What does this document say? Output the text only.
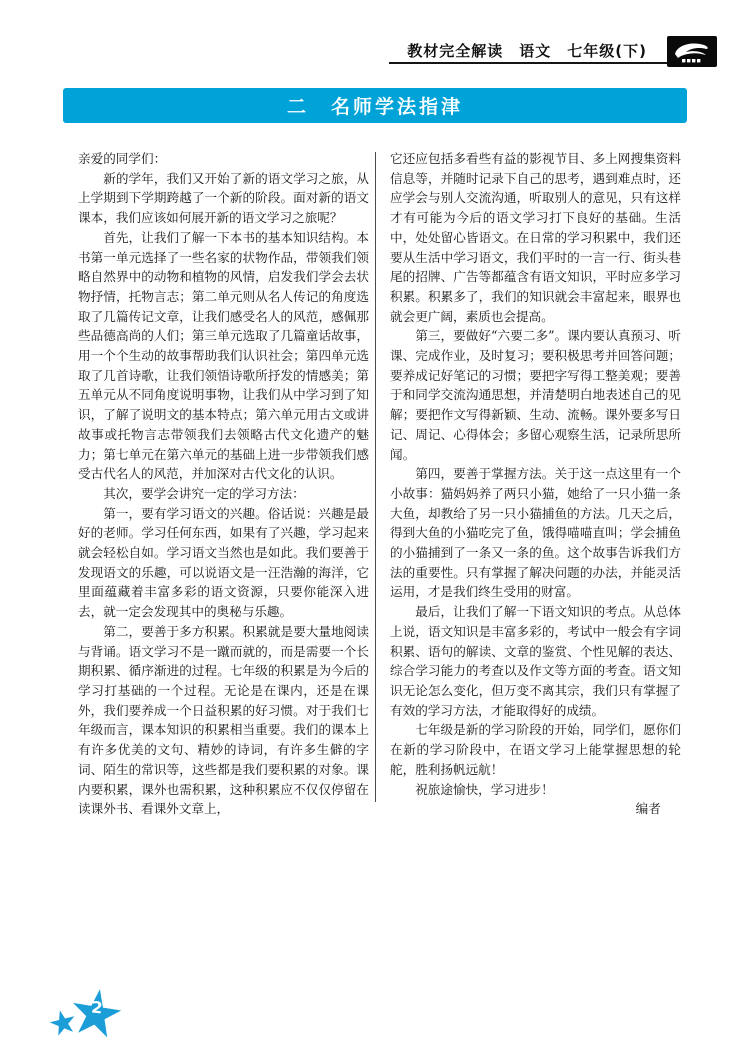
教材完全解读　语文　七年级(下)
二　名师学法指津

亲爱的同学们：

新的学年，我们又开始了新的语文学习之旅，从上学期到下学期跨越了一个新的阶段。面对新的语文课本，我们应该如何展开新的语文学习之旅呢？

首先，让我们了解一下本书的基本知识结构。本书第一单元选择了一些名家的状物作品，带领我们领略自然界中的动物和植物的风情，启发我们学会去状物抒情，托物言志；第二单元则从名人传记的角度选取了几篇传记文章，让我们感受名人的风范，感佩那些品德高尚的人们；第三单元选取了几篇童话故事，用一个个生动的故事帮助我们认识社会；第四单元选取了几首诗歌，让我们领悟诗歌所抒发的情感美；第五单元从不同角度说明事物，让我们从中学习到了知识，了解了说明文的基本特点；第六单元用古文或讲故事或托物言志带领我们去领略古代文化遗产的魅力；第七单元在第六单元的基础上进一步带领我们感受古代名人的风范，并加深对古代文化的认识。

其次，要学会讲究一定的学习方法：

第一，要有学习语文的兴趣。俗话说：兴趣是最好的老师。学习任何东西，如果有了兴趣，学习起来就会轻松自如。学习语文当然也是如此。我们要善于发现语文的乐趣，可以说语文是一汪浩瀚的海洋，它里面蕴藏着丰富多彩的语文资源，只要你能深入进去，就一定会发现其中的奥秘与乐趣。

第二，要善于多方积累。积累就是要大量地阅读与背诵。语文学习不是一蹴而就的，而是需要一个长期积累、循序渐进的过程。七年级的积累是为今后的学习打基础的一个过程。无论是在课内，还是在课外，我们要养成一个日益积累的好习惯。对于我们七年级而言，课本知识的积累相当重要。我们的课本上有许多优美的文句、精妙的诗词，有许多生僻的字词、陌生的常识等，这些都是我们要积累的对象。课内要积累，课外也需积累，这种积累应不仅仅停留在读课外书、看课外文章上，

它还应包括多看些有益的影视节目、多上网搜集资料信息等，并随时记录下自己的思考，遇到难点时，还应学会与别人交流沟通，听取别人的意见，只有这样才有可能为今后的语文学习打下良好的基础。生活中，处处留心皆语文。在日常的学习积累中，我们还要从生活中学习语文，我们平时的一言一行、街头巷尾的招牌、广告等都蕴含有语文知识，平时应多学习积累。积累多了，我们的知识就会丰富起来，眼界也就会更广阔，素质也会提高。

第三，要做好“六要二多”。课内要认真预习、听课、完成作业，及时复习；要积极思考并回答问题；要养成记好笔记的习惯；要把字写得工整美观；要善于和同学交流沟通思想，并清楚明白地表述自己的见解；要把作文写得新颖、生动、流畅。课外要多写日记、周记、心得体会；多留心观察生活，记录所思所闻。

第四，要善于掌握方法。关于这一点这里有一个小故事：猫妈妈养了两只小猫，她给了一只小猫一条大鱼，却教给了另一只小猫捕鱼的方法。几天之后，得到大鱼的小猫吃完了鱼，饿得喵喵直叫；学会捕鱼的小猫捕到了一条又一条的鱼。这个故事告诉我们方法的重要性。只有掌握了解决问题的办法，并能灵活运用，才是我们终生受用的财富。

最后，让我们了解一下语文知识的考点。从总体上说，语文知识是丰富多彩的，考试中一般会有字词积累、语句的解读、文章的鉴赏、个性见解的表达、综合学习能力的考查以及作文等方面的考查。语文知识无论怎么变化，但万变不离其宗，我们只有掌握了有效的学习方法，才能取得好的成绩。

七年级是新的学习阶段的开始，同学们，愿你们在新的学习阶段中，在语文学习上能掌握思想的轮舵，胜利扬帆远航！

祝旅途愉快，学习进步！

编者

2
